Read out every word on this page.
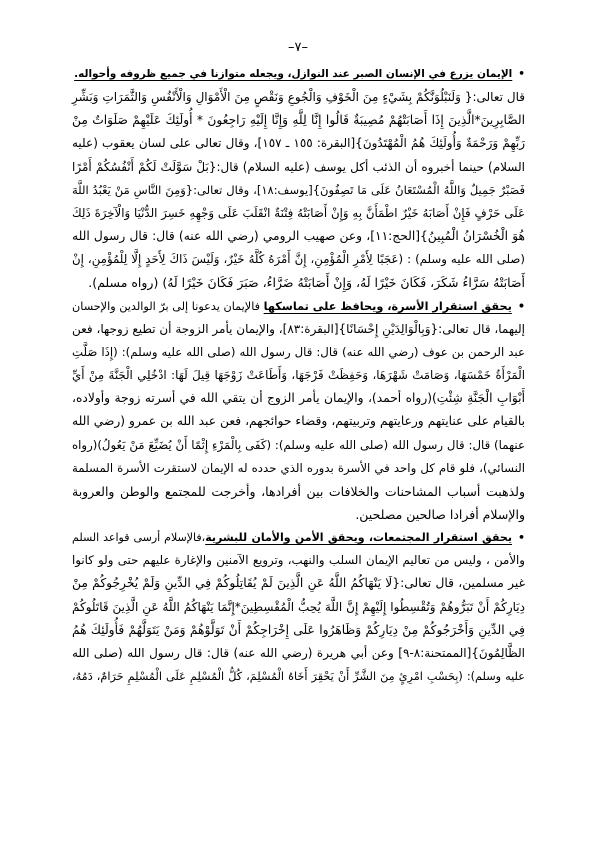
–٧–
•الإيمان يزرع في الإنسان الصبر عند النوازل، ويجعله متوازنا في جميع ظروفه وأحواله.
قال تعالى:{ وَلَنَبْلُوَنَّكُمْ بِشَيْءٍ مِنَ الْخَوْفِ وَالْجُوعِ وَنَقْصٍ مِنَ الْأَمْوَالِ وَالْأَنْفُسِ وَالثَّمَرَاتِ وَبَشِّرِ
الصَّابِرِينَ*الَّذِينَ إِذَا أَصَابَتْهُمْ مُصِيبَةٌ قَالُوا إِنَّا لِلَّهِ وَإِنَّا إِلَيْهِ رَاجِعُونَ * أُولَئِكَ عَلَيْهِمْ صَلَوَاتٌ مِنْ
رَبِّهِمْ وَرَحْمَةٌ وَأُولَئِكَ هُمُ الْمُهْتَدُونَ}[البقرة: ١٥٥ ـ ١٥٧]، وقال تعالى على لسان يعقوب (عليه
السلام) حينما أخبروه أن الذئب أكل يوسف (عليه السلام) قال:{بَلْ سَوَّلَتْ لَكُمْ أَنْفُسُكُمْ أَمْرًا
فَصَبْرٌ جَمِيلٌ وَاللَّهُ الْمُسْتَعَانُ عَلَى مَا تَصِفُونَ}[يوسف:١٨]، وقال تعالى:{وَمِنَ النَّاسِ مَنْ يَعْبُدُ اللَّهَ
عَلَى حَرْفٍ فَإِنْ أَصَابَهُ خَيْرٌ اطْمَأَنَّ بِهِ وَإِنْ أَصَابَتْهُ فِتْنَةٌ انْقَلَبَ عَلَى وَجْهِهِ خَسِرَ الدُّنْيَا وَالْآخِرَةَ ذَلِكَ
هُوَ الْخُسْرَانُ الْمُبِينُ}[الحج:١١]، وعن صهيب الرومي (رضي الله عنه) قال: قال رسول الله
(صلى الله عليه وسلم) : (عَجَبًا لِأَمْرِ الْمُؤْمِنِ، إِنَّ أَمْرَهُ كُلَّهُ خَيْرٌ، وَلَيْسَ ذَاكَ لِأَحَدٍ إِلَّا لِلْمُؤْمِنِ، إِنْ
أَصَابَتْهُ سَرَّاءُ شَكَرَ، فَكَانَ خَيْرًا لَهُ، وَإِنْ أَصَابَتْهُ ضَرَّاءُ، صَبَرَ فَكَانَ خَيْرًا لَهُ) (رواه مسلم).
•يحقق استقرار الأسرة، ويحافظ على تماسكها فالإيمان يدعونا إلى برّ الوالدين والإحسان
إليهما، قال تعالى:{وَبِالْوَالِدَيْنِ إِحْسَانًا}[البقرة:٨٣]، والإيمان يأمر الزوجة أن تطيع زوجها، فعن
عبد الرحمن بن عوف (رضي الله عنه) قال: قال رسول الله (صلى الله عليه وسلم): (إِذَا صَلَّتِ
الْمَرْأَةُ خَمْسَهَا، وَصَامَتْ شَهْرَهَا، وَحَفِظَتْ فَرْجَهَا، وَأَطَاعَتْ زَوْجَهَا قِيلَ لَهَا: ادْخُلِي الْجَنَّةَ مِنْ أَيِّ
أَبْوَابِ الْجَنَّةِ شِئْتِ)(رواه أحمد)، والإيمان يأمر الزوج أن يتقي الله في أسرته زوجة وأولاده،
بالقيام على عنايتهم ورعايتهم وتربيتهم، وقضاء حوائجهم، فعن عبد الله بن عمرو (رضي الله
عنهما) قال: قال رسول الله (صلى الله عليه وسلم): (كَفَى بِالْمَرْءِ إِثْمًا أَنْ يُضَيِّعَ مَنْ يَعُولُ)(رواه
النسائي)، فلو قام كل واحد في الأسرة بدوره الذي حدده له الإيمان لاستقرت الأسرة المسلمة
ولذهبت أسباب المشاحنات والخلافات بين أفرادها، وأخرجت للمجتمع والوطن والعروبة
والإسلام أفرادا صالحين مصلحين.
•يحقق استقرار المجتمعات، ويحقق الأمن والأمان للبشرية،فالإسلام أرسى قواعد السلم
والأمن ، وليس من تعاليم الإيمان السلب والنهب، وترويع الآمنين والإغارة عليهم حتى ولو كانوا
غير مسلمين، قال تعالى:{لَا يَنْهَاكُمُ اللَّهُ عَنِ الَّذِينَ لَمْ يُقَاتِلُوكُمْ فِي الدِّينِ وَلَمْ يُخْرِجُوكُمْ مِنْ
دِيَارِكُمْ أَنْ تَبَرُّوهُمْ وَتُقْسِطُوا إِلَيْهِمْ إِنَّ اللَّهَ يُحِبُّ الْمُقْسِطِينَ*إِنَّمَا يَنْهَاكُمُ اللَّهُ عَنِ الَّذِينَ قَاتَلُوكُمْ
فِي الدِّينِ وَأَخْرَجُوكُمْ مِنْ دِيَارِكُمْ وَظَاهَرُوا عَلَى إِخْرَاجِكُمْ أَنْ تَوَلَّوْهُمْ وَمَنْ يَتَوَلَّهُمْ فَأُولَئِكَ هُمُ
الظَّالِمُونَ}[الممتحنة:٨-٩] وعن أبي هريرة (رضي الله عنه) قال: قال رسول الله (صلى الله
عليه وسلم): (بِحَسْبِ امْرِئٍ مِنَ الشَّرِّ أَنْ يَحْقِرَ أَخَاهُ الْمُسْلِمَ، كُلُّ الْمُسْلِمِ عَلَى الْمُسْلِمِ حَرَامٌ، دَمُهُ،
